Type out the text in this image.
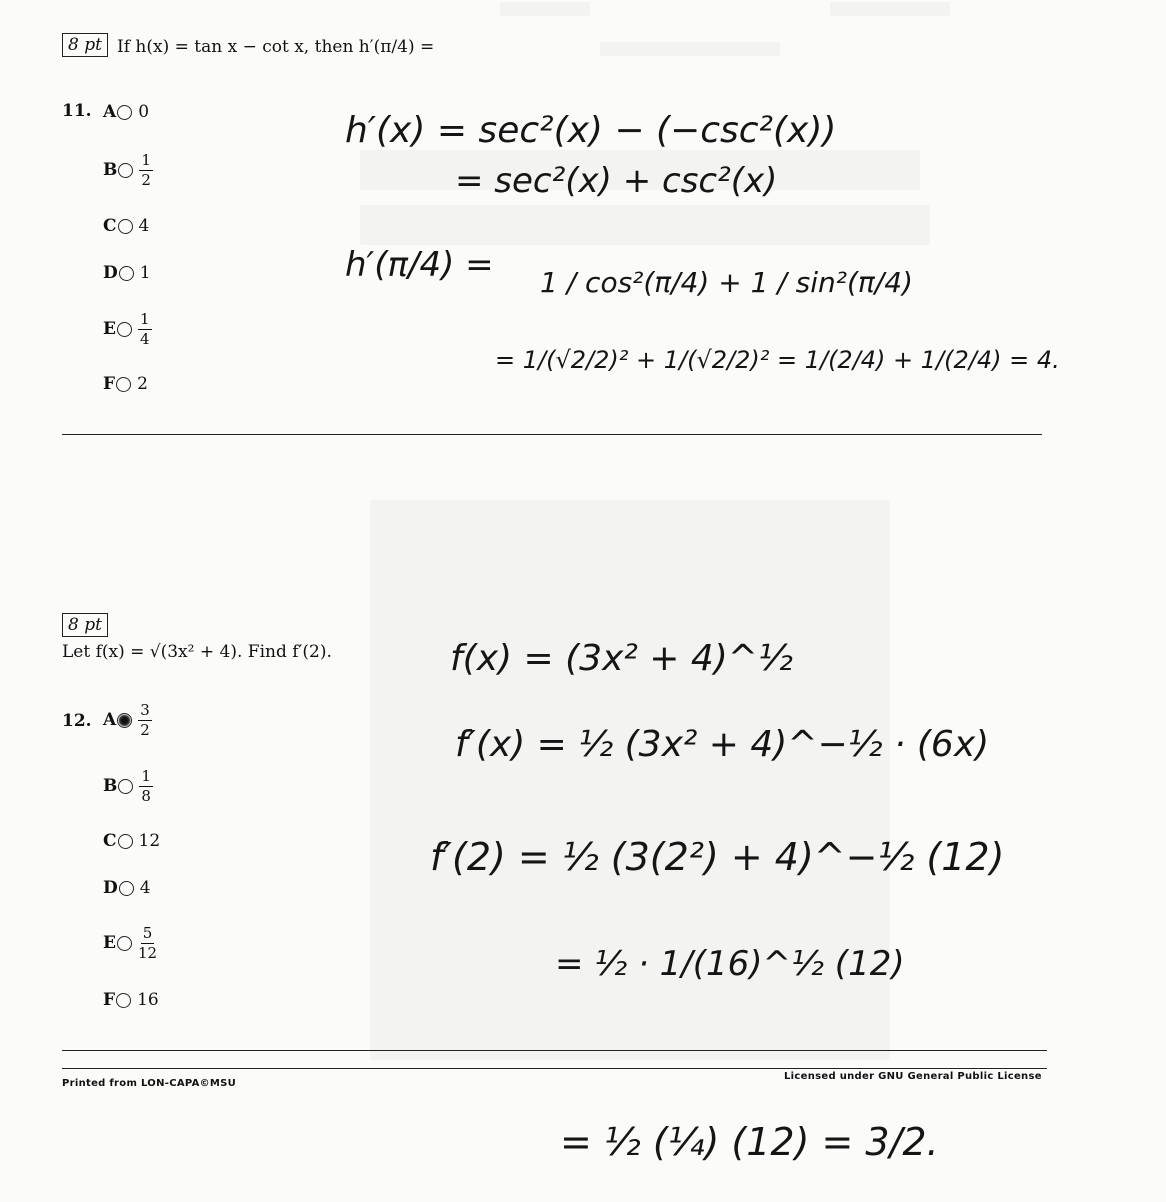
8 pt If h(x) = tan x − cot x, then h′(π/4) =
11. A 0
B $\frac{1}{2}$
C 4
D 1
E $\frac{1}{4}$
F 2
8 pt
Let f(x) = √(3x² + 4). Find f′(2).
12. A $\frac{3}{2}$
B $\frac{1}{8}$
C 12
D 4
E $\frac{5}{12}$
F 16
Printed from LON-CAPA©MSU
Licensed under GNU General Public License
h′(x) = sec²(x) − (−csc²(x))
= sec²(x) + csc²(x)
h′(π/4) = 1 / cos²(π/4) + 1 / sin²(π/4)
= 1/(√2/2)² + 1/(√2/2)² = 1/(2/4) + 1/(2/4) = 4.
f(x) = (3x² + 4)^½
f′(x) = ½ (3x² + 4)^−½ · (6x)
f′(2) = ½ (3(2²) + 4)^−½ (12)
= ½ · 1/(16)^½ (12)
= ½ (¼) (12) = 3/2.
